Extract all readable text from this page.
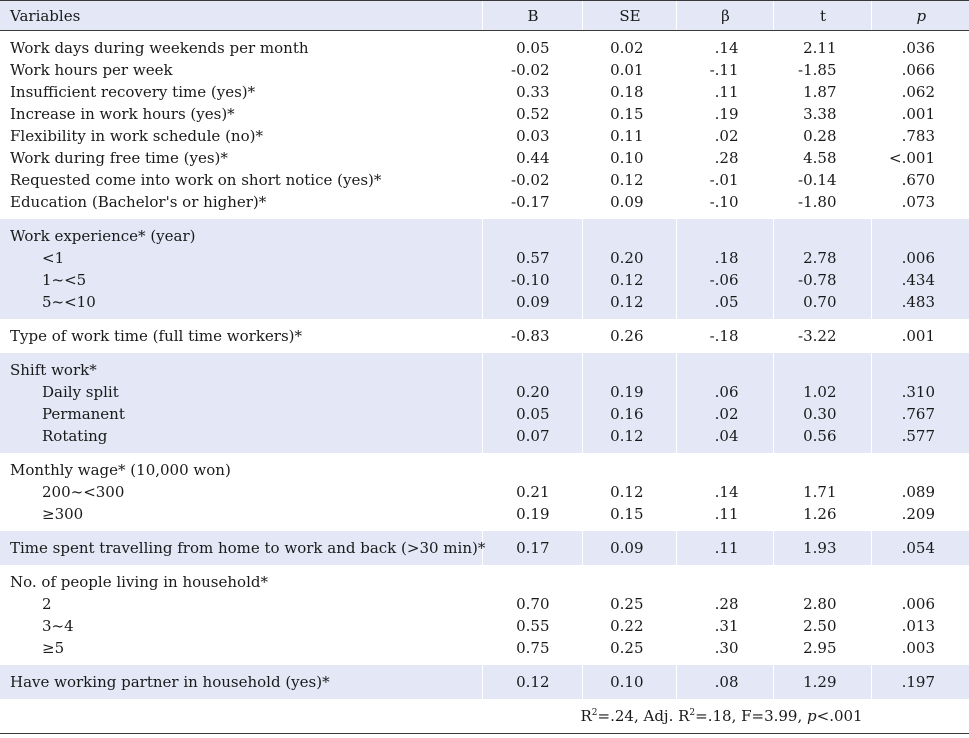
Variables	B	SE	β	t	p
Work days during weekends per month	0.05	0.02	.14	2.11	.036
Work hours per week	-0.02	0.01	-.11	-1.85	.066
Insufficient recovery time (yes)*	0.33	0.18	.11	1.87	.062
Increase in work hours (yes)*	0.52	0.15	.19	3.38	.001
Flexibility in work schedule (no)*	0.03	0.11	.02	0.28	.783
Work during free time (yes)*	0.44	0.10	.28	4.58	<.001
Requested come into work on short notice (yes)*	-0.02	0.12	-.01	-0.14	.670
Education (Bachelor's or higher)*	-0.17	0.09	-.10	-1.80	.073
Work experience* (year)					
<1	0.57	0.20	.18	2.78	.006
1~<5	-0.10	0.12	-.06	-0.78	.434
5~<10	0.09	0.12	.05	0.70	.483
Type of work time (full time workers)*	-0.83	0.26	-.18	-3.22	.001
Shift work*					
Daily split	0.20	0.19	.06	1.02	.310
Permanent	0.05	0.16	.02	0.30	.767
Rotating	0.07	0.12	.04	0.56	.577
Monthly wage* (10,000 won)					
200~<300	0.21	0.12	.14	1.71	.089
≥300	0.19	0.15	.11	1.26	.209
Time spent travelling from home to work and back (>30 min)*	0.17	0.09	.11	1.93	.054
No. of people living in household*					
2	0.70	0.25	.28	2.80	.006
3~4	0.55	0.22	.31	2.50	.013
≥5	0.75	0.25	.30	2.95	.003
Have working partner in household (yes)*	0.12	0.10	.08	1.29	.197
	$R^2=.24$, Adj. $R^2=.18$, F=3.99, p<.001				
